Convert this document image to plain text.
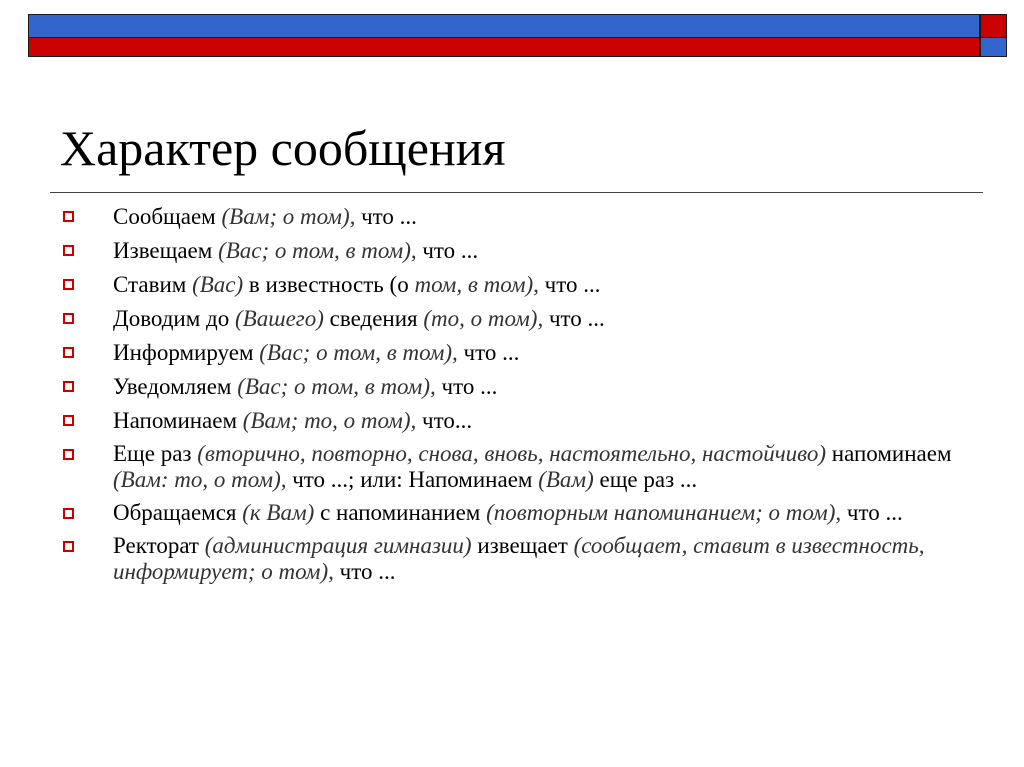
Характер сообщения
Сообщаем (Вам; о том), что ...
Извещаем (Вас; о том, в том), что ...
Ставим (Вас) в известность (о том, в том), что ...
Доводим до (Вашего) сведения (то, о том), что ...
Информируем (Вас; о том, в том), что ...
Уведомляем (Вас; о том, в том), что ...
Напоминаем (Вам; то, о том), что...
Еще раз (вторично, повторно, снова, вновь, настоятельно, настойчиво) напоминаем (Вам: то, о том), что ...; или: Напоминаем (Вам) еще раз ...
Обращаемся (к Вам) с напоминанием (повторным напоминанием; о том), что ...
Ректорат (администрация гимназии) извещает (сообщает, ставит в известность, информирует; о том), что ...
